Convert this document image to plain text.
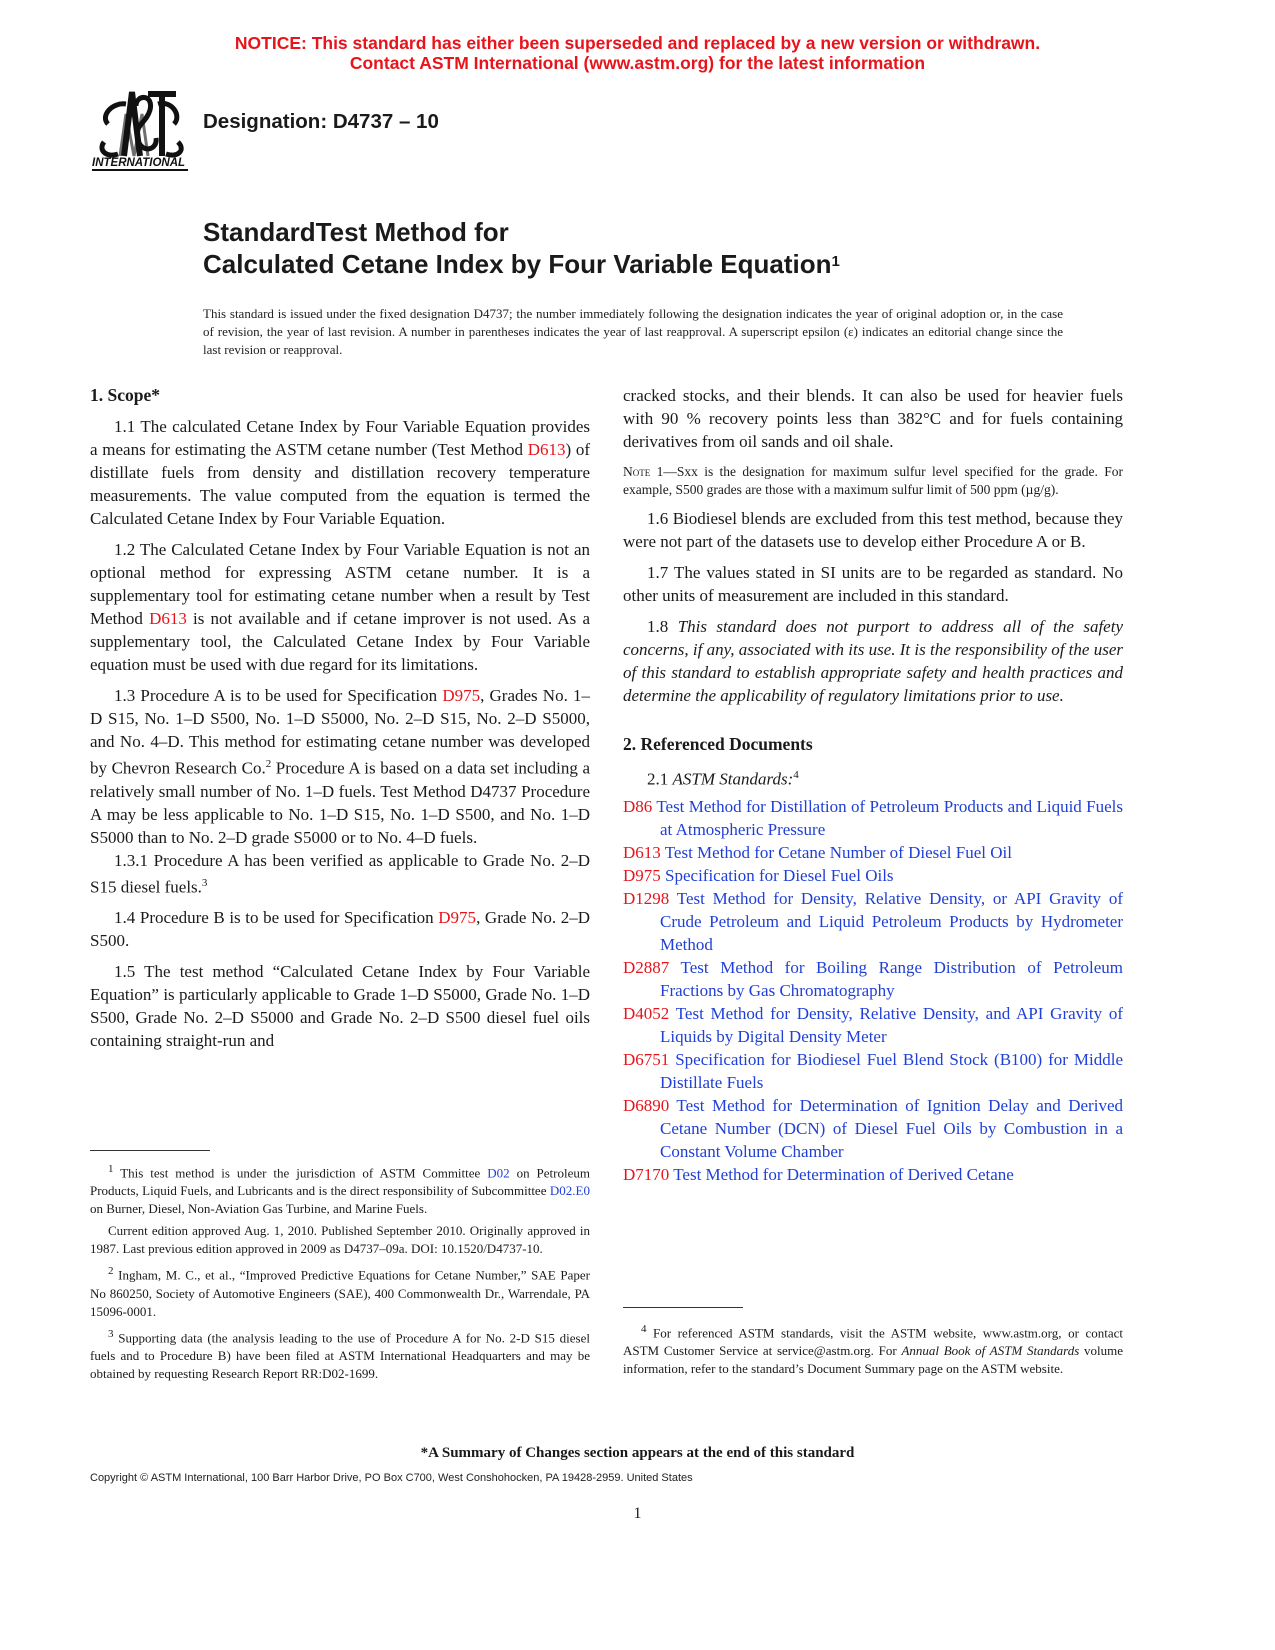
NOTICE: This standard has either been superseded and replaced by a new version or withdrawn.
Contact ASTM International (www.astm.org) for the latest information
INTERNATIONAL
Designation: D4737 – 10
StandardTest Method for
Calculated Cetane Index by Four Variable Equation$^1$
This standard is issued under the fixed designation D4737; the number immediately following the designation indicates the year of original adoption or, in the case of revision, the year of last revision. A number in parentheses indicates the year of last reapproval. A superscript epsilon (ε) indicates an editorial change since the last revision or reapproval.
1. Scope*

1.1 The calculated Cetane Index by Four Variable Equation provides a means for estimating the ASTM cetane number (Test Method D613) of distillate fuels from density and distillation recovery temperature measurements. The value computed from the equation is termed the Calculated Cetane Index by Four Variable Equation.

1.2 The Calculated Cetane Index by Four Variable Equation is not an optional method for expressing ASTM cetane number. It is a supplementary tool for estimating cetane number when a result by Test Method D613 is not available and if cetane improver is not used. As a supplementary tool, the Calculated Cetane Index by Four Variable equation must be used with due regard for its limitations.

1.3 Procedure A is to be used for Specification D975, Grades No. 1–D S15, No. 1–D S500, No. 1–D S5000, No. 2–D S15, No. 2–D S5000, and No. 4–D. This method for estimating cetane number was developed by Chevron Research Co.$^2$ Procedure A is based on a data set including a relatively small number of No. 1–D fuels. Test Method D4737 Procedure A may be less applicable to No. 1–D S15, No. 1–D S500, and No. 1–D S5000 than to No. 2–D grade S5000 or to No. 4–D fuels.

1.3.1 Procedure A has been verified as applicable to Grade No. 2–D S15 diesel fuels.$^3$

1.4 Procedure B is to be used for Specification D975, Grade No. 2–D S500.

1.5 The test method “Calculated Cetane Index by Four Variable Equation” is particularly applicable to Grade 1–D S5000, Grade No. 1–D S500, Grade No. 2–D S5000 and Grade No. 2–D S500 diesel fuel oils containing straight-run and

$^1$ This test method is under the jurisdiction of ASTM Committee D02 on Petroleum Products, Liquid Fuels, and Lubricants and is the direct responsibility of Subcommittee D02.E0 on Burner, Diesel, Non-Aviation Gas Turbine, and Marine Fuels.

Current edition approved Aug. 1, 2010. Published September 2010. Originally approved in 1987. Last previous edition approved in 2009 as D4737–09a. DOI: 10.1520/D4737-10.

$^2$ Ingham, M. C., et al., “Improved Predictive Equations for Cetane Number,” SAE Paper No 860250, Society of Automotive Engineers (SAE), 400 Commonwealth Dr., Warrendale, PA 15096-0001.

$^3$ Supporting data (the analysis leading to the use of Procedure A for No. 2-D S15 diesel fuels and to Procedure B) have been filed at ASTM International Headquarters and may be obtained by requesting Research Report RR:D02-1699.

cracked stocks, and their blends. It can also be used for heavier fuels with 90 % recovery points less than 382°C and for fuels containing derivatives from oil sands and oil shale.

Note 1—Sxx is the designation for maximum sulfur level specified for the grade. For example, S500 grades are those with a maximum sulfur limit of 500 ppm (µg/g).

1.6 Biodiesel blends are excluded from this test method, because they were not part of the datasets use to develop either Procedure A or B.

1.7 The values stated in SI units are to be regarded as standard. No other units of measurement are included in this standard.

1.8 This standard does not purport to address all of the safety concerns, if any, associated with its use. It is the responsibility of the user of this standard to establish appropriate safety and health practices and determine the applicability of regulatory limitations prior to use.

2. Referenced Documents

2.1 ASTM Standards:$^4$

D86 Test Method for Distillation of Petroleum Products and Liquid Fuels at Atmospheric Pressure
D613 Test Method for Cetane Number of Diesel Fuel Oil
D975 Specification for Diesel Fuel Oils
D1298 Test Method for Density, Relative Density, or API Gravity of Crude Petroleum and Liquid Petroleum Products by Hydrometer Method
D2887 Test Method for Boiling Range Distribution of Petroleum Fractions by Gas Chromatography
D4052 Test Method for Density, Relative Density, and API Gravity of Liquids by Digital Density Meter
D6751 Specification for Biodiesel Fuel Blend Stock (B100) for Middle Distillate Fuels
D6890 Test Method for Determination of Ignition Delay and Derived Cetane Number (DCN) of Diesel Fuel Oils by Combustion in a Constant Volume Chamber
D7170 Test Method for Determination of Derived Cetane

$^4$ For referenced ASTM standards, visit the ASTM website, www.astm.org, or contact ASTM Customer Service at service@astm.org. For Annual Book of ASTM Standards volume information, refer to the standard’s Document Summary page on the ASTM website.

*A Summary of Changes section appears at the end of this standard
Copyright © ASTM International, 100 Barr Harbor Drive, PO Box C700, West Conshohocken, PA 19428-2959. United States
1
